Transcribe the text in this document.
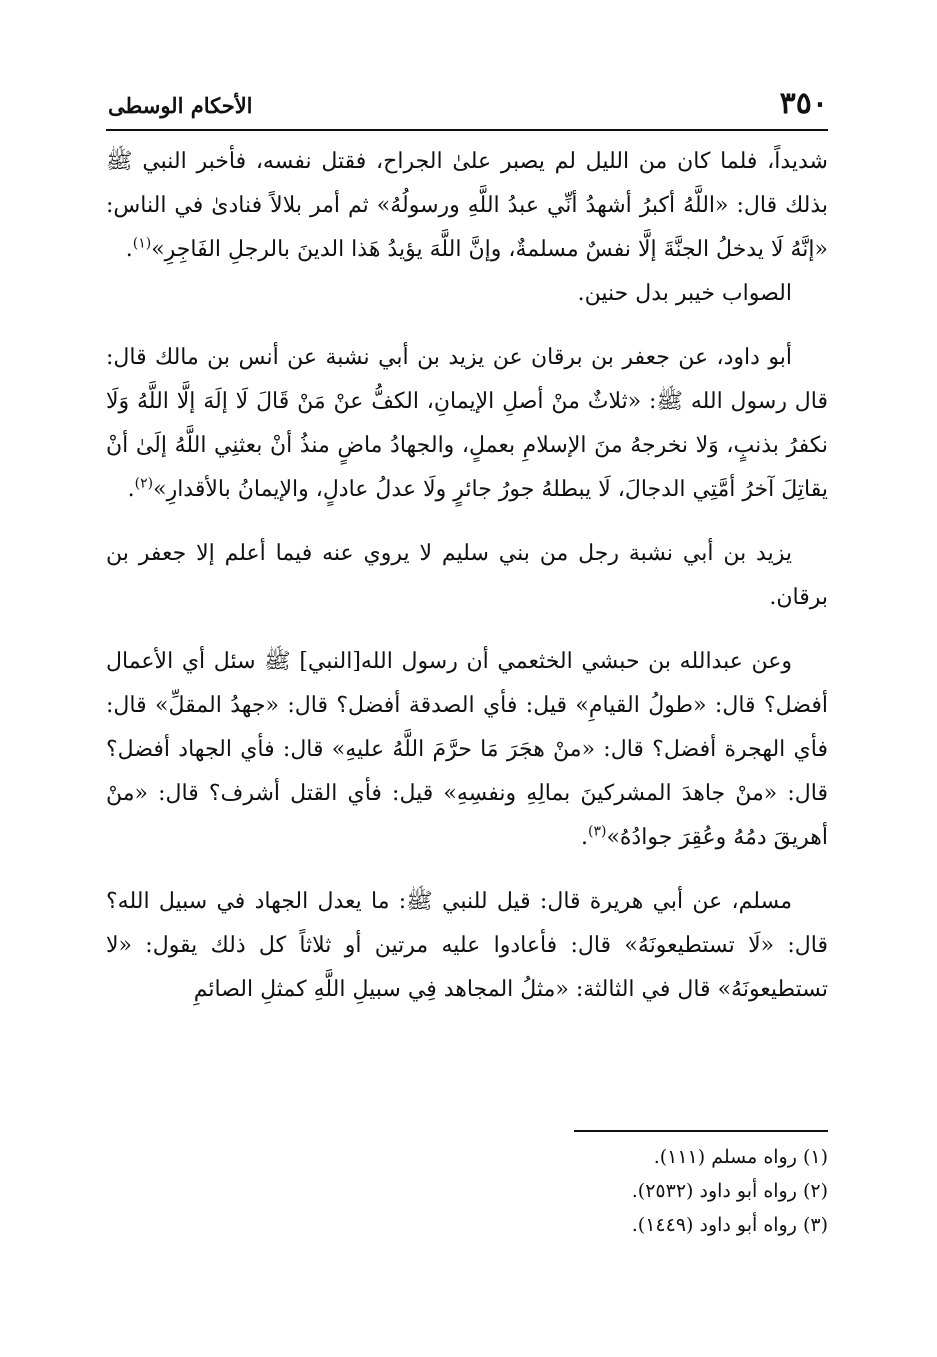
٣٥٠
الأحكام الوسطى

شديداً، فلما كان من الليل لم يصبر علىٰ الجراح، فقتل نفسه، فأخبر النبي ﷺ بذلك قال: «اللَّهُ أكبرُ أشهدُ أنِّي عبدُ اللَّهِ ورسولُهُ» ثم أمر بلالاً فنادىٰ في الناس: «إنَّهُ لَا يدخلُ الجنَّةَ إلَّا نفسٌ مسلمةٌ، وإنَّ اللَّهَ يؤيدُ هَذا الدينَ بالرجلِ الفَاجِرِ»$^{(١)}$.

الصواب خيبر بدل حنين.

أبو داود، عن جعفر بن برقان عن يزيد بن أبي نشبة عن أنس بن مالك قال: قال رسول الله ﷺ: «ثلاثٌ منْ أصلِ الإيمانِ، الكفُّ عنْ مَنْ قَالَ لَا إلَهَ إلَّا اللَّهُ وَلَا نكفرُ بذنبٍ، وَلا نخرجهُ منَ الإسلامِ بعملٍ، والجهادُ ماضٍ منذُ أنْ بعثنِي اللَّهُ إلَىٰ أنْ يقاتِلَ آخرُ أمَّتِي الدجالَ، لَا يبطلهُ جورُ جائرٍ ولَا عدلُ عادلٍ، والإيمانُ بالأقدارِ»$^{(٢)}$.

يزيد بن أبي نشبة رجل من بني سليم لا يروي عنه فيما أعلم إلا جعفر بن برقان.

وعن عبدالله بن حبشي الخثعمي أن رسول الله[النبي] ﷺ سئل أي الأعمال أفضل؟ قال: «طولُ القيامِ» قيل: فأي الصدقة أفضل؟ قال: «جهدُ المقلِّ» قال: فأي الهجرة أفضل؟ قال: «منْ هجَرَ مَا حرَّمَ اللَّهُ عليهِ» قال: فأي الجهاد أفضل؟ قال: «منْ جاهدَ المشركينَ بمالِهِ ونفسِهِ» قيل: فأي القتل أشرف؟ قال: «منْ أهريقَ دمُهُ وعُقِرَ جوادُهُ»$^{(٣)}$.

مسلم، عن أبي هريرة قال: قيل للنبي ﷺ: ما يعدل الجهاد في سبيل الله؟ قال: «لَا تستطيعونَهُ» قال: فأعادوا عليه مرتين أو ثلاثاً كل ذلك يقول: «لا تستطيعونَهُ» قال في الثالثة: «مثلُ المجاهد فِي سبيلِ اللَّهِ كمثلِ الصائمِ

(١) رواه مسلم (١١١).

(٢) رواه أبو داود (٢٥٣٢).

(٣) رواه أبو داود (١٤٤٩).
